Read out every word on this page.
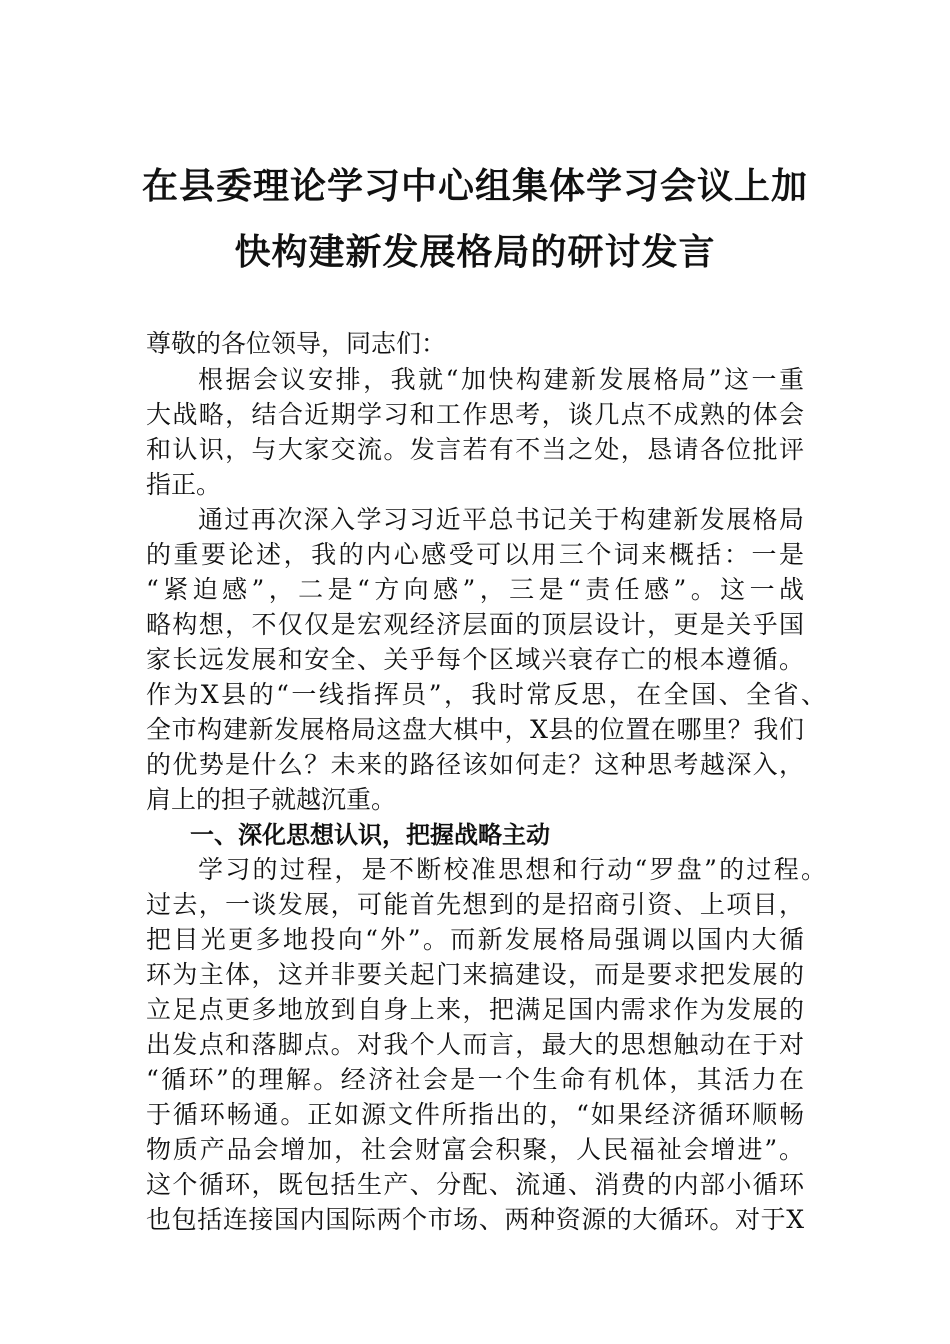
在县委理论学习中心组集体学习会议上加
快构建新发展格局的研讨发言
尊敬的各位领导，同志们：
根据会议安排，我就“加快构建新发展格局”这一重
大战略，结合近期学习和工作思考，谈几点不成熟的体会
和认识，与大家交流。发言若有不当之处，恳请各位批评
指正。
通过再次深入学习习近平总书记关于构建新发展格局
的重要论述，我的内心感受可以用三个词来概括：一是
“紧迫感”，二是“方向感”，三是“责任感”。这一战
略构想，不仅仅是宏观经济层面的顶层设计，更是关乎国
家长远发展和安全、关乎每个区域兴衰存亡的根本遵循。
作为X县的“一线指挥员”，我时常反思，在全国、全省、
全市构建新发展格局这盘大棋中，X县的位置在哪里？我们
的优势是什么？未来的路径该如何走？这种思考越深入，
肩上的担子就越沉重。
一、深化思想认识，把握战略主动
学习的过程，是不断校准思想和行动“罗盘”的过程。
过去，一谈发展，可能首先想到的是招商引资、上项目，
把目光更多地投向“外”。而新发展格局强调以国内大循
环为主体，这并非要关起门来搞建设，而是要求把发展的
立足点更多地放到自身上来，把满足国内需求作为发展的
出发点和落脚点。对我个人而言，最大的思想触动在于对
“循环”的理解。经济社会是一个生命有机体，其活力在
于循环畅通。正如源文件所指出的，“如果经济循环顺畅
物质产品会增加，社会财富会积聚，人民福祉会增进”。
这个循环，既包括生产、分配、流通、消费的内部小循环
也包括连接国内国际两个市场、两种资源的大循环。对于X
